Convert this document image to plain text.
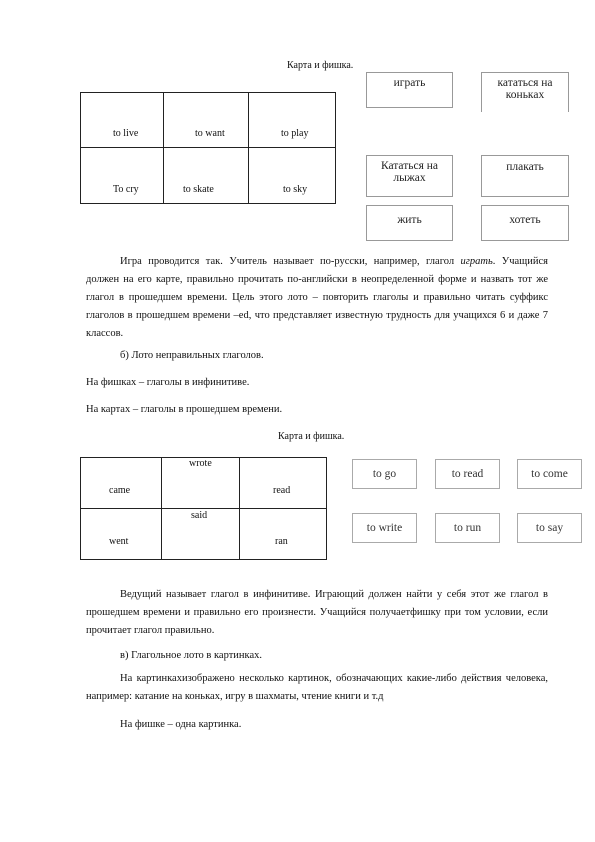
Карта и фишка.
to live	to want	to play

To cry	to skate	to sky
играть	кататься на коньках
Кататься на лыжах
плакать
жить	хотеть
Игра проводится так. Учитель называет по-русски, например, глагол играть. Учащийся должен на его карте, правильно прочитать по-английски в неопределенной форме и назвать тот же глагол в прошедшем времени. Цель этого лото – повторить глаголы и правильно читать суффикс глаголов в прошедшем времени –ed, что представляет известную трудность для учащихся 6 и даже 7 классов.
б) Лото неправильных глаголов.
На фишках – глаголы в инфинитиве.
На картах – глаголы в прошедшем времени.
Карта и фишка.
came	wrote	read

went	said	ran
to go	to read	to come
to write	to run	to say
Ведущий называет глагол в инфинитиве. Играющий должен найти у себя этот же глагол в прошедшем времени и правильно его произнести. Учащийся получаетфишку при том условии, если прочитает глагол правильно.
в) Глагольное лото в картинках.
На картинкахизображено несколько картинок, обозначающих какие-либо действия человека, например: катание на коньках, игру в шахматы, чтение книги и т.д
На фишке – одна картинка.
